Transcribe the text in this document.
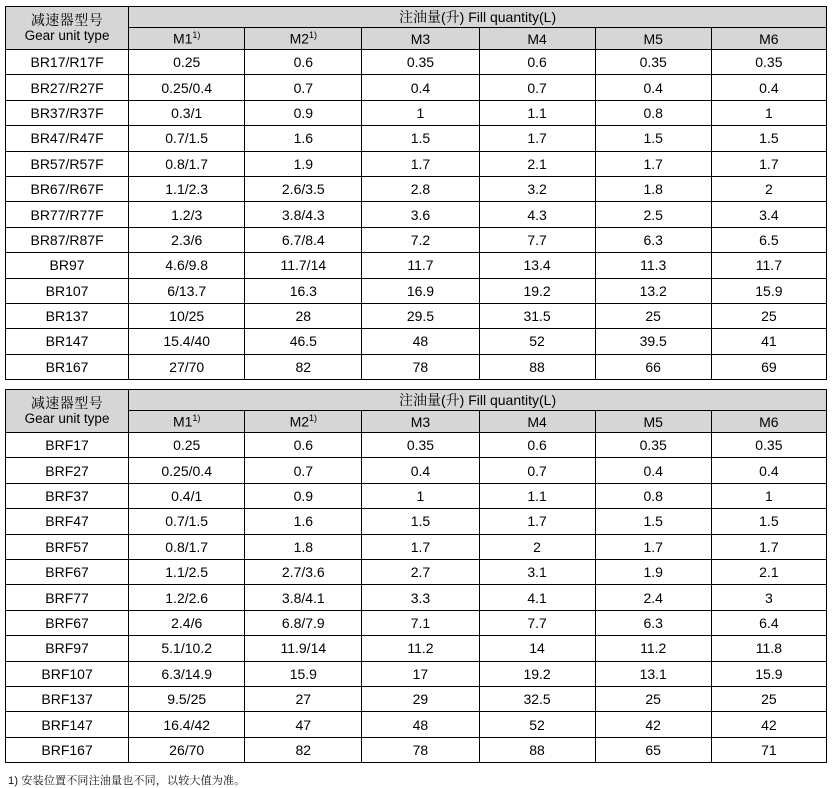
减速器型号
Gear unit type	注油量(升) Fill quantity(L)					
	M1$^{1)}$	M2$^{1)}$	M3	M4	M5	M6
BR17/R17F	0.25	0.6	0.35	0.6	0.35	0.35
BR27/R27F	0.25/0.4	0.7	0.4	0.7	0.4	0.4
BR37/R37F	0.3/1	0.9	1	1.1	0.8	1
BR47/R47F	0.7/1.5	1.6	1.5	1.7	1.5	1.5
BR57/R57F	0.8/1.7	1.9	1.7	2.1	1.7	1.7
BR67/R67F	1.1/2.3	2.6/3.5	2.8	3.2	1.8	2
BR77/R77F	1.2/3	3.8/4.3	3.6	4.3	2.5	3.4
BR87/R87F	2.3/6	6.7/8.4	7.2	7.7	6.3	6.5
BR97	4.6/9.8	11.7/14	11.7	13.4	11.3	11.7
BR107	6/13.7	16.3	16.9	19.2	13.2	15.9
BR137	10/25	28	29.5	31.5	25	25
BR147	15.4/40	46.5	48	52	39.5	41
BR167	27/70	82	78	88	66	69
减速器型号
Gear unit type	注油量(升) Fill quantity(L)					
	M1$^{1)}$	M2$^{1)}$	M3	M4	M5	M6
BRF17	0.25	0.6	0.35	0.6	0.35	0.35
BRF27	0.25/0.4	0.7	0.4	0.7	0.4	0.4
BRF37	0.4/1	0.9	1	1.1	0.8	1
BRF47	0.7/1.5	1.6	1.5	1.7	1.5	1.5
BRF57	0.8/1.7	1.8	1.7	2	1.7	1.7
BRF67	1.1/2.5	2.7/3.6	2.7	3.1	1.9	2.1
BRF77	1.2/2.6	3.8/4.1	3.3	4.1	2.4	3
BRF67	2.4/6	6.8/7.9	7.1	7.7	6.3	6.4
BRF97	5.1/10.2	11.9/14	11.2	14	11.2	11.8
BRF107	6.3/14.9	15.9	17	19.2	13.1	15.9
BRF137	9.5/25	27	29	32.5	25	25
BRF147	16.4/42	47	48	52	42	42
BRF167	26/70	82	78	88	65	71
1) 安装位置不同注油量也不同，以较大值为准。
